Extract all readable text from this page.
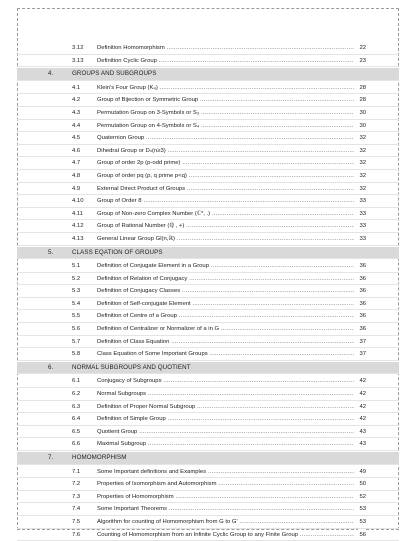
3.12 Definition Homomorphism .....	22
3.13 Definition Cyclic Group .....	23
4.	GROUPS AND SUBGROUPS
4.1	Klein's Four Group (K₄) .....	28
4.2	Group of Bijection or Symmetric Group .....	28
4.3	Permutation Group on 3-Symbols or S₃ .....	30
4.4	Permutation Group on 4-Symbols or S₄ .....	30
4.5	Quaternion Group .....	32
4.6	Dihedral Group or Dₙ(n≥3) .....	32
4.7	Group of order 2p (p-odd prime) .....	32
4.8	Group of order pq (p, q prime p<q) .....	32
4.9	External Direct Product of Groups .....	32
4.10 Group of Order 8 .....	33
4.11 Group of Non-zero Complex Number (ℂ*, .) .....	33
4.12 Group of Rational Number (ℚ , +) .....	33
4.13 General Linear Group Gl(n,ℝ) .....	33
5.	CLASS EQATION OF GROUPS
5.1	Definition of Conjugate Element in a Group .....	36
5.2	Definition of Relation of Conjugacy .....	36
5.3	Definition of Conjugacy Classes .....	36
5.4	Definition of Self-conjugate Element .....	36
5.5	Definition of Centre of a Group .....	36
5.6	Definition of Centralizer or Normalizer of a in G .....	36
5.7	Definition of Class Equation .....	37
5.8	Class Equation of Some Important Groups .....	37
6.	NORMAL SUBGROUPS AND QUOTIENT
6.1	Conjugacy of Subgroups .....	42
6.2	Normal Subgroups .....	42
6.3	Definition of Proper Normal Subgroup .....	42
6.4	Definition of Simple Group .....	42
6.5	Quotient Group .....	43
6.6	Maximal Subgroup .....	43
7.	HOMOMORPHISM
7.1	Some Important definitions and Examples .....	49
7.2	Properties of Isomorphism and Automorphism .....	50
7.3	Properties of Homomorphism .....	52
7.4	Some Important Theorems .....	53
7.5	Algorithm for counting of Homomorphism from G to G' .....	53
7.6	Counting of Homomorphism from an Infinite Cyclic Group to any Finite Group .....	56
